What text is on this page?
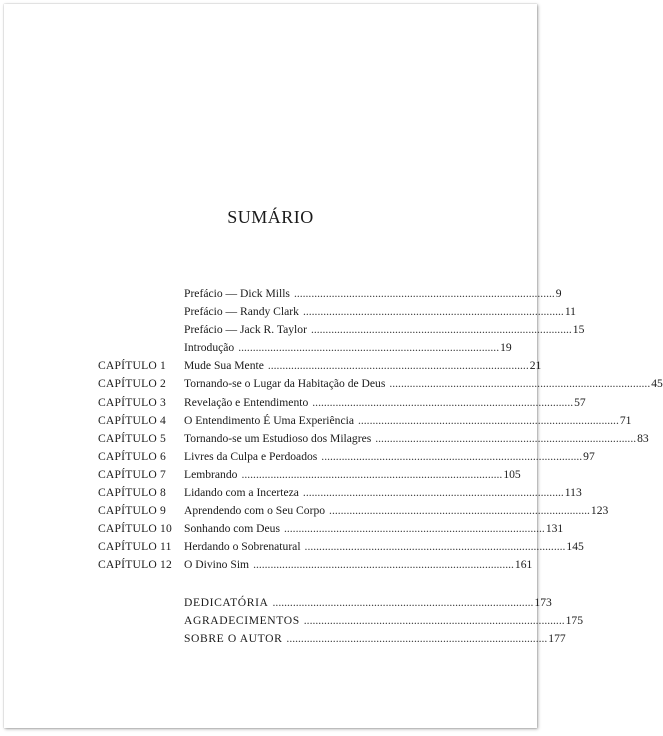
SUMÁRIO
Prefácio — Dick Mills .......................................................................................... 9
Prefácio — Randy Clark .......................................................................................... 11
Prefácio — Jack R. Taylor .......................................................................................... 15
Introdução .......................................................................................... 19
CAPÍTULO 1 Mude Sua Mente .......................................................................................... 21
CAPÍTULO 2 Tornando-se o Lugar da Habitação de Deus .......................................................................................... 45
CAPÍTULO 3 Revelação e Entendimento .......................................................................................... 57
CAPÍTULO 4 O Entendimento É Uma Experiência .......................................................................................... 71
CAPÍTULO 5 Tornando-se um Estudioso dos Milagres .......................................................................................... 83
CAPÍTULO 6 Livres da Culpa e Perdoados .......................................................................................... 97
CAPÍTULO 7 Lembrando .......................................................................................... 105
CAPÍTULO 8 Lidando com a Incerteza .......................................................................................... 113
CAPÍTULO 9 Aprendendo com o Seu Corpo .......................................................................................... 123
CAPÍTULO 10 Sonhando com Deus .......................................................................................... 131
CAPÍTULO 11 Herdando o Sobrenatural .......................................................................................... 145
CAPÍTULO 12 O Divino Sim .......................................................................................... 161
DEDICATÓRIA .......................................................................................... 173
AGRADECIMENTOS .......................................................................................... 175
SOBRE O AUTOR .......................................................................................... 177
